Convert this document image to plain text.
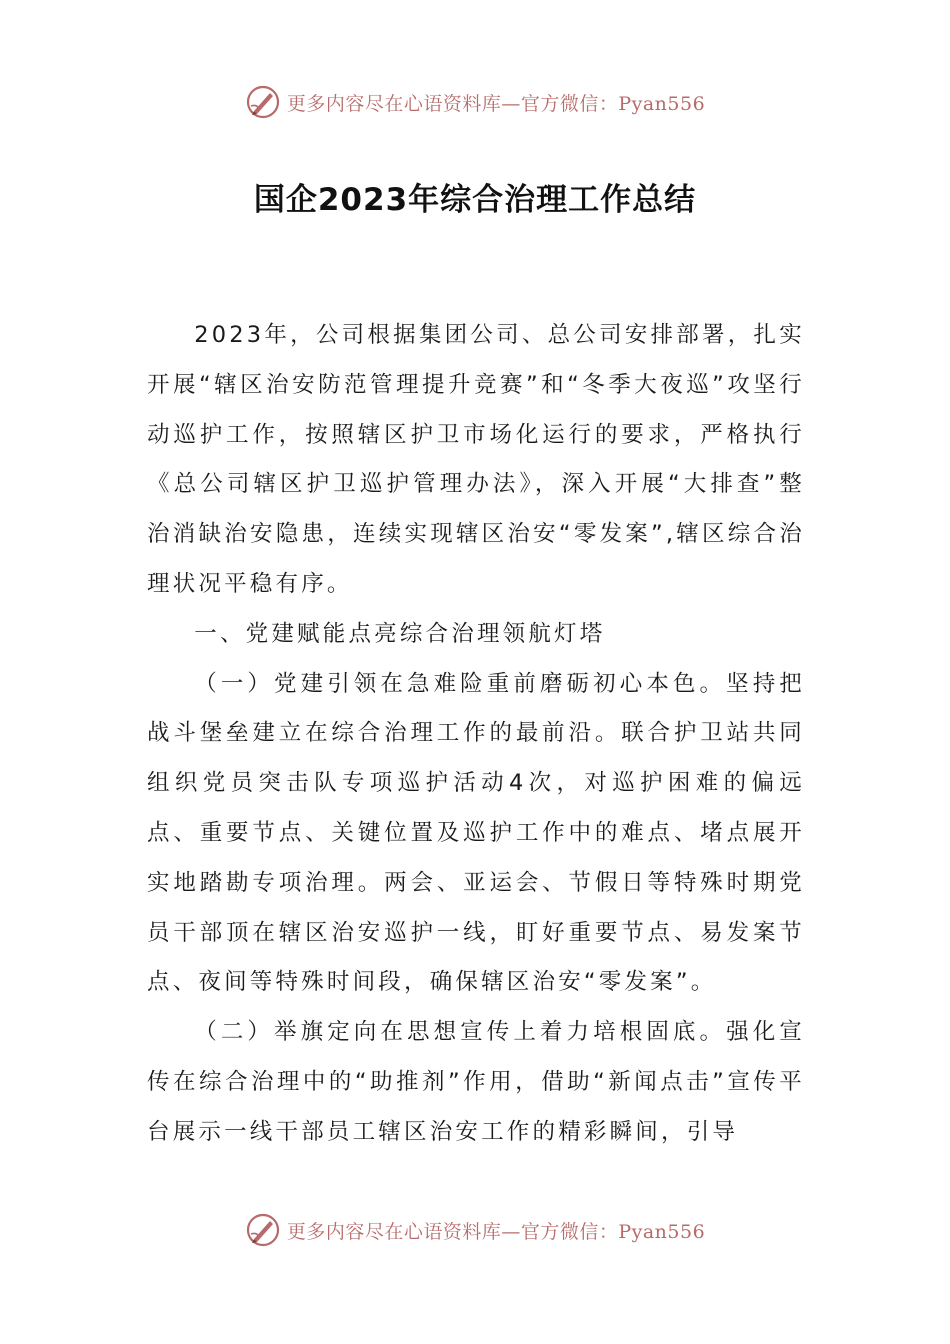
更多内容尽在心语资料库—官方微信：Pyan556
国企2023年综合治理工作总结

2023年，公司根据集团公司、总公司安排部署，扎实开展“辖区治安防范管理提升竞赛”和“冬季大夜巡”攻坚行动巡护工作，按照辖区护卫市场化运行的要求，严格执行《总公司辖区护卫巡护管理办法》，深入开展“大排查”整治消缺治安隐患，连续实现辖区治安“零发案”,辖区综合治理状况平稳有序。

一、党建赋能点亮综合治理领航灯塔

（一）党建引领在急难险重前磨砺初心本色。坚持把战斗堡垒建立在综合治理工作的最前沿。联合护卫站共同组织党员突击队专项巡护活动4次，对巡护困难的偏远点、重要节点、关键位置及巡护工作中的难点、堵点展开实地踏勘专项治理。两会、亚运会、节假日等特殊时期党员干部顶在辖区治安巡护一线，盯好重要节点、易发案节点、夜间等特殊时间段，确保辖区治安“零发案”。

（二）举旗定向在思想宣传上着力培根固底。强化宣传在综合治理中的“助推剂”作用，借助“新闻点击”宣传平台展示一线干部员工辖区治安工作的精彩瞬间，引导

更多内容尽在心语资料库—官方微信：Pyan556
